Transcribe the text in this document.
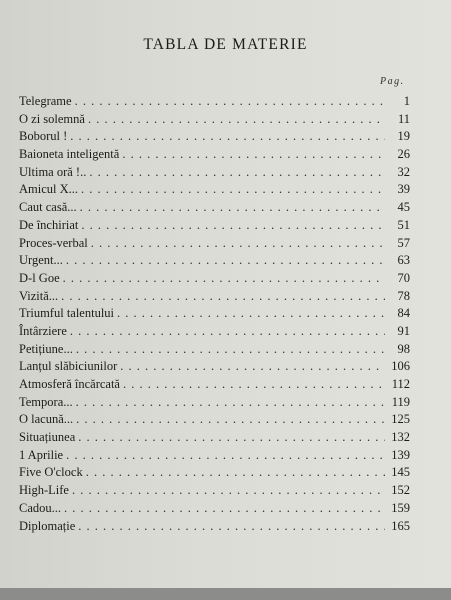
TABLA DE MATERIE
Pag.
Telegrame . . .	1
O zi solemnă . . .	11
Boborul ! . . .	19
Baioneta inteligentă . . .	26
Ultima oră !.. . . .	32
Amicul X... . . .	39
Caut casă... . . .	45
De închiriat . . .	51
Proces-verbal . . .	57
Urgent... . . .	63
D-l Goe . . .	70
Vizită... . . .	78
Triumful talentului . . .	84
Întârziere . . .	91
Petițiune... . . .	98
Lanțul slăbiciunilor . . .	106
Atmosferă încărcată . . .	112
Tempora... . . .	119
O lacună... . . .	125
Situațiunea . . .	132
1 Aprilie . . .	139
Five O'clock . . .	145
High-Life . . .	152
Cadou... . . .	159
Diplomație . . .	165
